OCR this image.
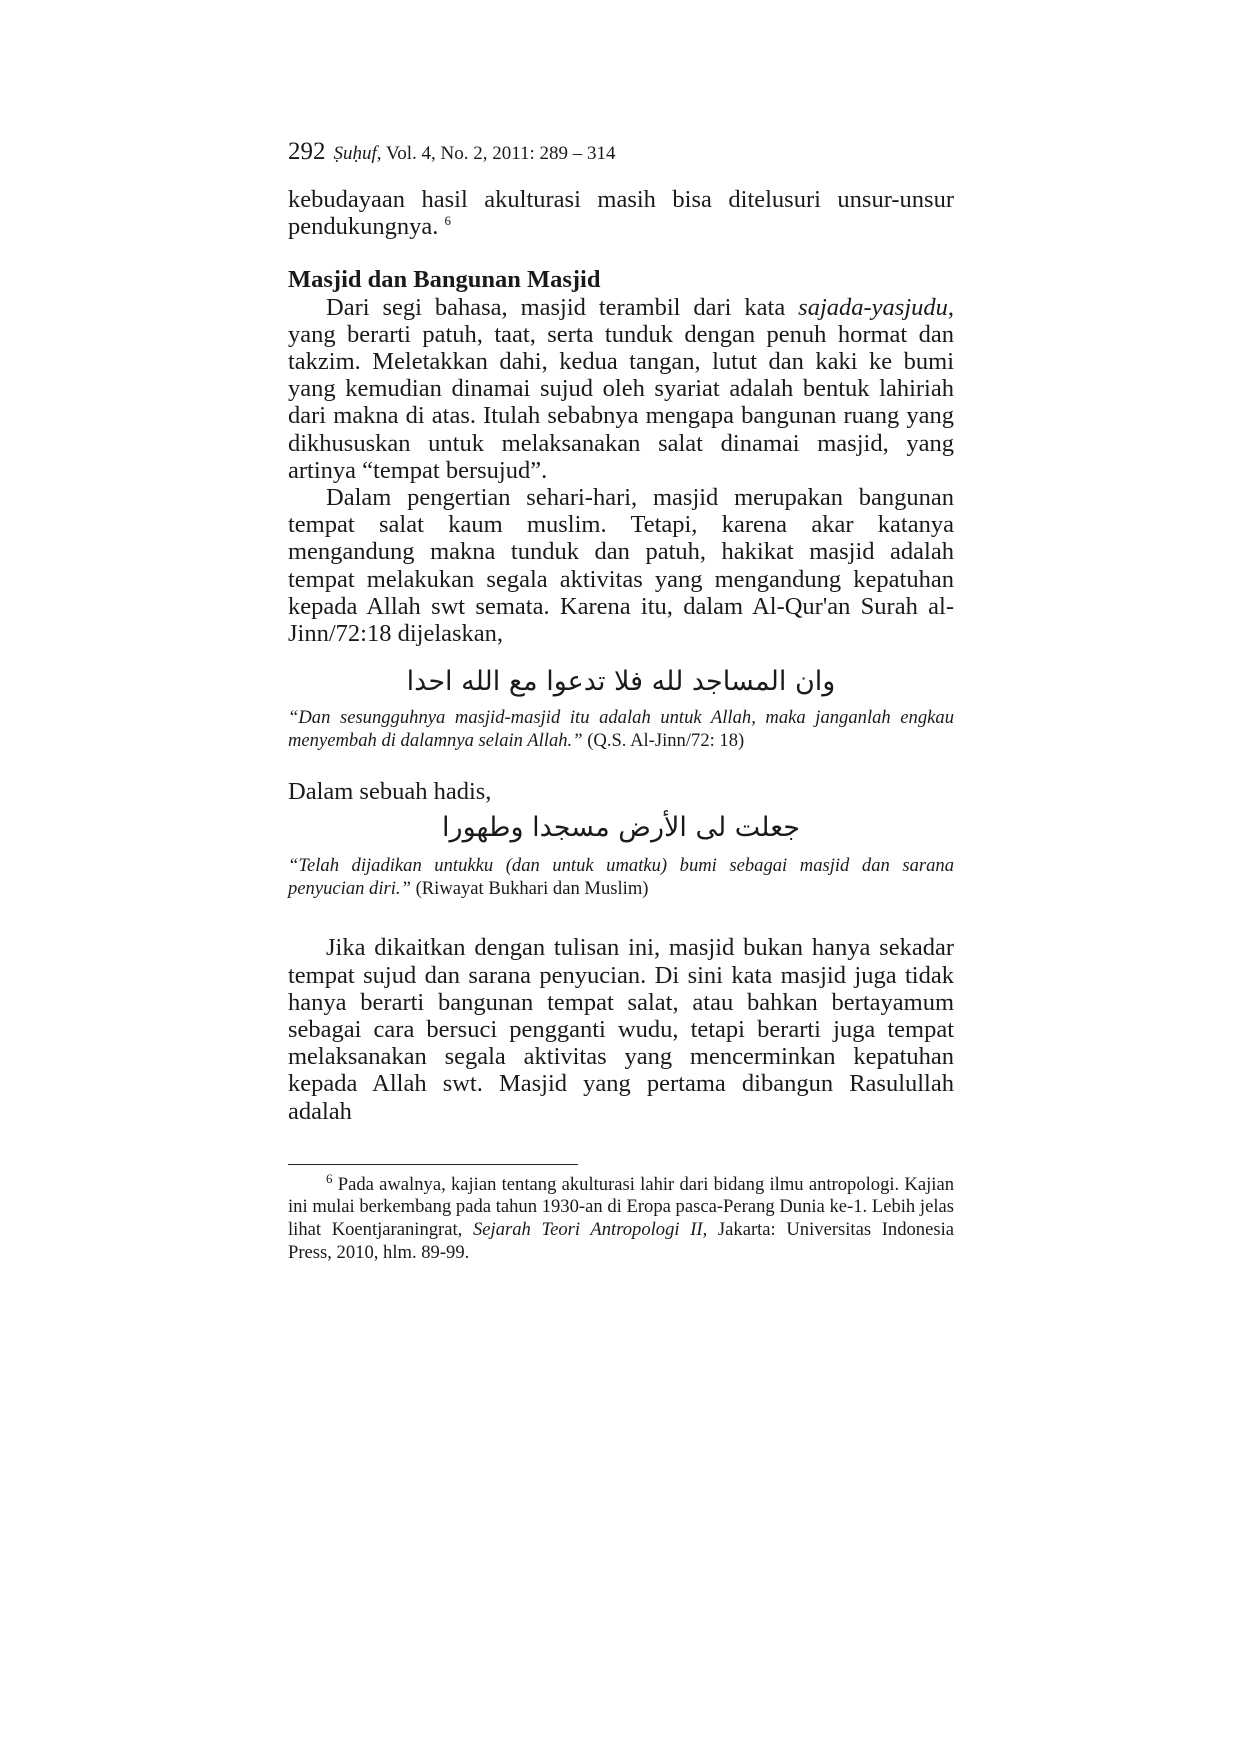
292 Ṣuḥuf, Vol. 4, No. 2, 2011: 289 – 314

kebudayaan hasil akulturasi masih bisa ditelusuri unsur-unsur pendukungnya. $^6$

Masjid dan Bangunan Masjid

Dari segi bahasa, masjid terambil dari kata sajada-yasjudu, yang berarti patuh, taat, serta tunduk dengan penuh hormat dan takzim. Meletakkan dahi, kedua tangan, lutut dan kaki ke bumi yang kemudian dinamai sujud oleh syariat adalah bentuk lahiriah dari makna di atas. Itulah sebabnya mengapa bangunan ruang yang dikhususkan untuk melaksanakan salat dinamai masjid, yang artinya “tempat bersujud”.

Dalam pengertian sehari-hari, masjid merupakan bangunan tempat salat kaum muslim. Tetapi, karena akar katanya mengandung makna tunduk dan patuh, hakikat masjid adalah tempat melakukan segala aktivitas yang mengandung kepatuhan kepada Allah swt semata. Karena itu, dalam Al-Qur'an Surah al-Jinn/72:18 dijelaskan,

وان المساجد لله فلا تدعوا مع الله احدا

“Dan sesungguhnya masjid-masjid itu adalah untuk Allah, maka janganlah engkau menyembah di dalamnya selain Allah.” (Q.S. Al-Jinn/72: 18)

Dalam sebuah hadis,

جعلت لى الأرض مسجدا وطهورا

“Telah dijadikan untukku (dan untuk umatku) bumi sebagai masjid dan sarana penyucian diri.” (Riwayat Bukhari dan Muslim)

Jika dikaitkan dengan tulisan ini, masjid bukan hanya sekadar tempat sujud dan sarana penyucian. Di sini kata masjid juga tidak hanya berarti bangunan tempat salat, atau bahkan bertayamum sebagai cara bersuci pengganti wudu, tetapi berarti juga tempat melaksanakan segala aktivitas yang mencerminkan kepatuhan kepada Allah swt. Masjid yang pertama dibangun Rasulullah adalah

$^6$ Pada awalnya, kajian tentang akulturasi lahir dari bidang ilmu antropologi. Kajian ini mulai berkembang pada tahun 1930-an di Eropa pasca-Perang Dunia ke-1. Lebih jelas lihat Koentjaraningrat, Sejarah Teori Antropologi II, Jakarta: Universitas Indonesia Press, 2010, hlm. 89-99.
